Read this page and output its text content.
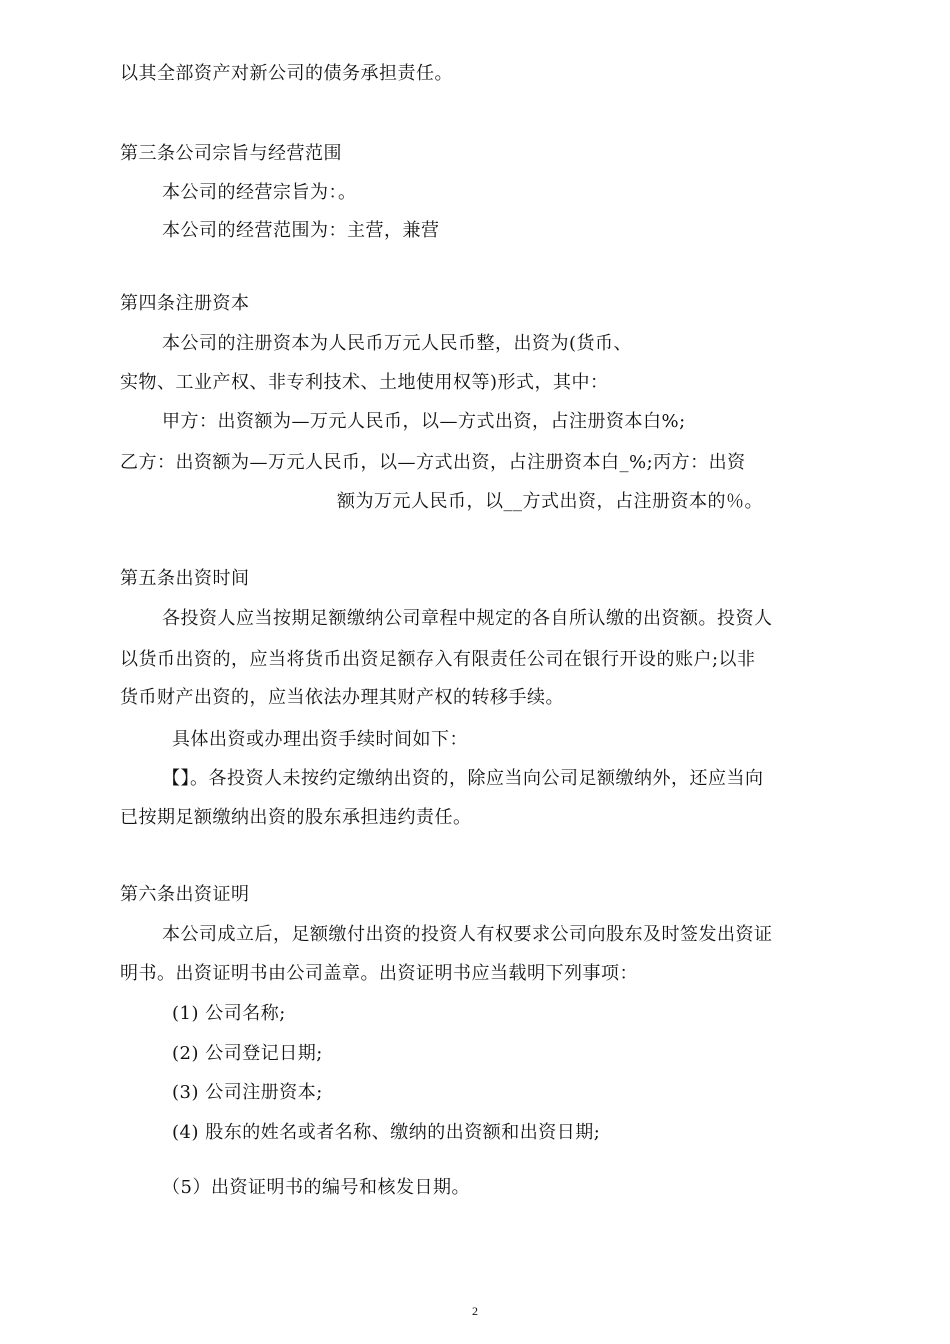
以其全部资产对新公司的债务承担责任。
第三条公司宗旨与经营范围
本公司的经营宗旨为：。
本公司的经营范围为：主营，兼营
第四条注册资本
本公司的注册资本为人民币万元人民币整，出资为(货币、
实物、工业产权、非专利技术、土地使用权等)形式，其中：
甲方：出资额为—万元人民币，以—方式出资，占注册资本白%;
乙方：出资额为—万元人民币，以—方式出资，占注册资本白_%;丙方：出资
额为万元人民币，以__方式出资，占注册资本的％。
第五条出资时间
各投资人应当按期足额缴纳公司章程中规定的各自所认缴的出资额。投资人
以货币出资的，应当将货币出资足额存入有限责任公司在银行开设的账户;以非
货币财产出资的，应当依法办理其财产权的转移手续。
具体出资或办理出资手续时间如下：
【】。各投资人未按约定缴纳出资的，除应当向公司足额缴纳外，还应当向
已按期足额缴纳出资的股东承担违约责任。
第六条出资证明
本公司成立后，足额缴付出资的投资人有权要求公司向股东及时签发出资证
明书。出资证明书由公司盖章。出资证明书应当载明下列事项：
(1) 公司名称;
(2) 公司登记日期;
(3) 公司注册资本;
(4) 股东的姓名或者名称、缴纳的出资额和出资日期;
（5）出资证明书的编号和核发日期。
2
